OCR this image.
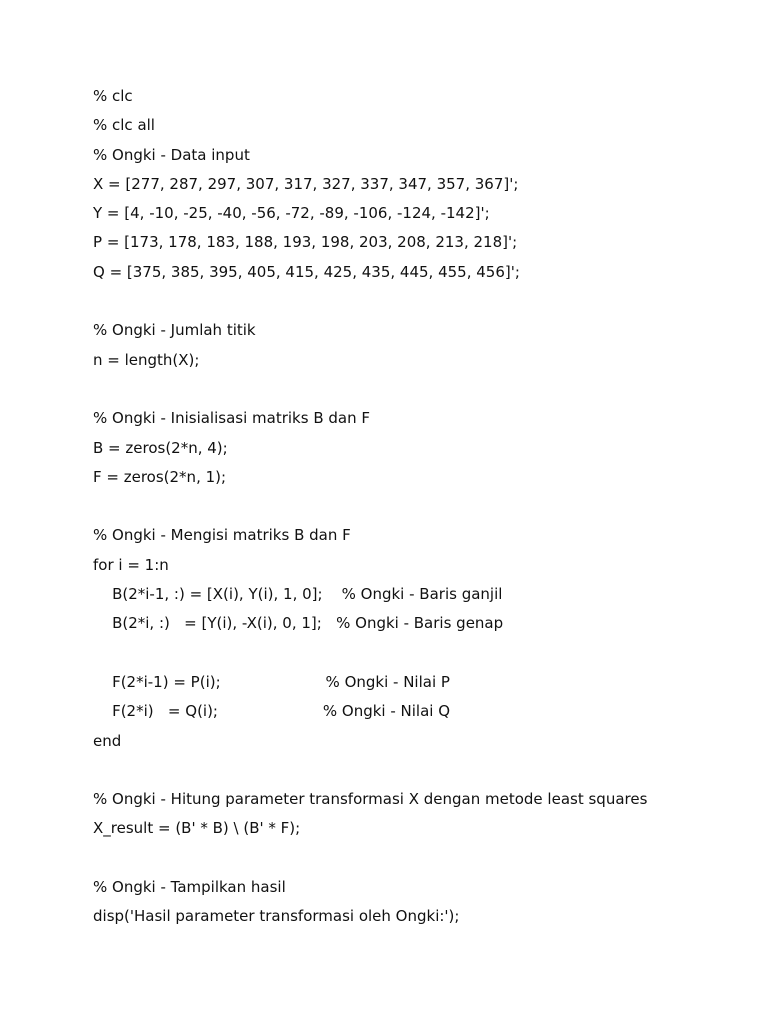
% clc
% clc all
% Ongki - Data input
X = [277, 287, 297, 307, 317, 327, 337, 347, 357, 367]';
Y = [4, -10, -25, -40, -56, -72, -89, -106, -124, -142]';
P = [173, 178, 183, 188, 193, 198, 203, 208, 213, 218]';
Q = [375, 385, 395, 405, 415, 425, 435, 445, 455, 456]';
% Ongki - Jumlah titik
n = length(X);
% Ongki - Inisialisasi matriks B dan F
B = zeros(2*n, 4);
F = zeros(2*n, 1);
% Ongki - Mengisi matriks B dan F
for i = 1:n
B(2*i-1, :) = [X(i), Y(i), 1, 0];    % Ongki - Baris ganjil
B(2*i, :)   = [Y(i), -X(i), 0, 1];   % Ongki - Baris genap
F(2*i-1) = P(i);                      % Ongki - Nilai P
F(2*i)   = Q(i);                      % Ongki - Nilai Q
end
% Ongki - Hitung parameter transformasi X dengan metode least squares
X_result = (B' * B) \ (B' * F);
% Ongki - Tampilkan hasil
disp('Hasil parameter transformasi oleh Ongki:');
